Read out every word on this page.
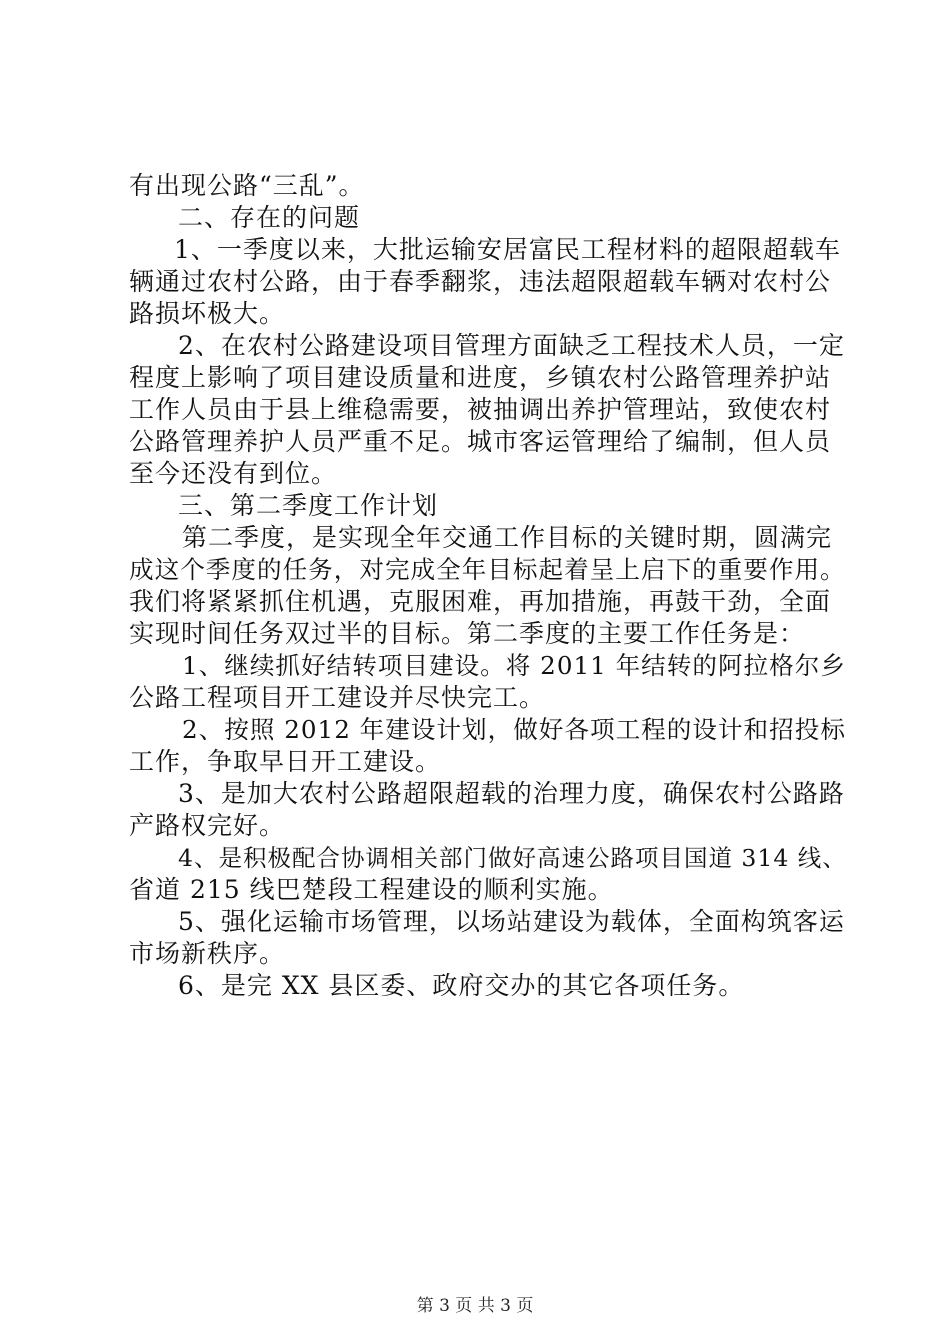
有出现公路“三乱”。
二、存在的问题
1、一季度以来，大批运输安居富民工程材料的超限超载车
辆通过农村公路，由于春季翻浆，违法超限超载车辆对农村公
路损坏极大。
2、在农村公路建设项目管理方面缺乏工程技术人员，一定
程度上影响了项目建设质量和进度，乡镇农村公路管理养护站
工作人员由于县上维稳需要，被抽调出养护管理站，致使农村
公路管理养护人员严重不足。城市客运管理给了编制，但人员
至今还没有到位。
三、第二季度工作计划
第二季度，是实现全年交通工作目标的关键时期，圆满完
成这个季度的任务，对完成全年目标起着呈上启下的重要作用。
我们将紧紧抓住机遇，克服困难，再加措施，再鼓干劲，全面
实现时间任务双过半的目标。第二季度的主要工作任务是：
1、继续抓好结转项目建设。将 2011 年结转的阿拉格尔乡
公路工程项目开工建设并尽快完工。
2、按照 2012 年建设计划，做好各项工程的设计和招投标
工作，争取早日开工建设。
3、是加大农村公路超限超载的治理力度，确保农村公路路
产路权完好。
4、是积极配合协调相关部门做好高速公路项目国道 314 线、
省道 215 线巴楚段工程建设的顺利实施。
5、强化运输市场管理，以场站建设为载体，全面构筑客运
市场新秩序。
6、是完 XX 县区委、政府交办的其它各项任务。
第 3 页 共 3 页
